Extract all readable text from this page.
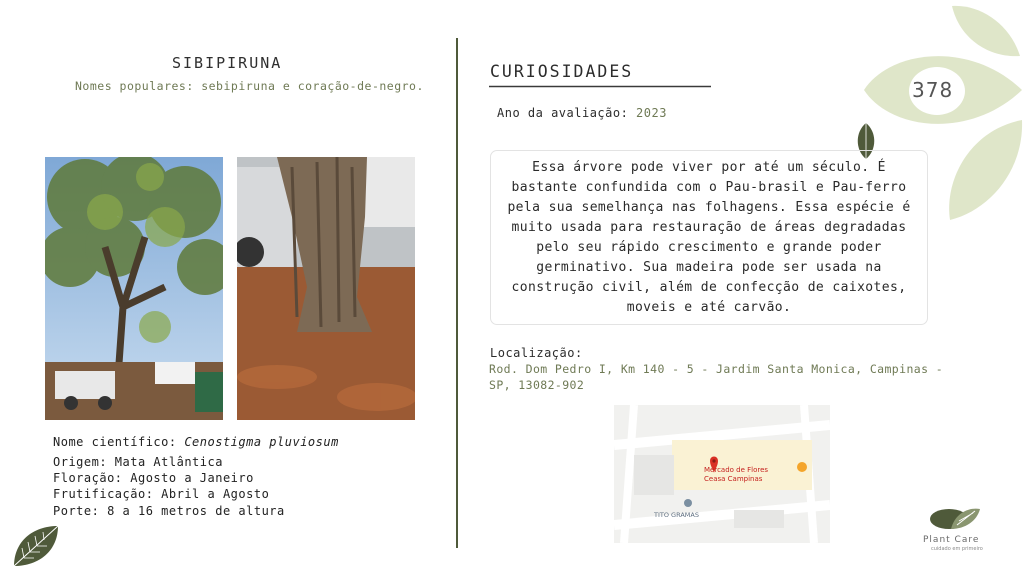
SIBIPIRUNA
Nomes populares: sebipiruna e coração-de-negro.
Nome científico: Cenostigma pluviosum
Origem: Mata Atlântica
Floração: Agosto a Janeiro
Frutificação: Abril a Agosto
Porte: 8 a 16 metros de altura
CURIOSIDADES
Ano da avaliação: 2023
Essa árvore pode viver por até um século. É bastante confundida com o Pau-brasil e Pau-ferro pela sua semelhança nas folhagens. Essa espécie é muito usada para restauração de áreas degradadas pelo seu rápido crescimento e grande poder germinativo. Sua madeira pode ser usada na construção civil, além de confecção de caixotes, moveis e até carvão.
Localização:
Rod. Dom Pedro I, Km 140 - 5 - Jardim Santa Monica, Campinas - SP, 13082-902
Mercado de Flores
Ceasa Campinas
TITO GRAMAS
378
Plant Care
cuidado em primeiro
